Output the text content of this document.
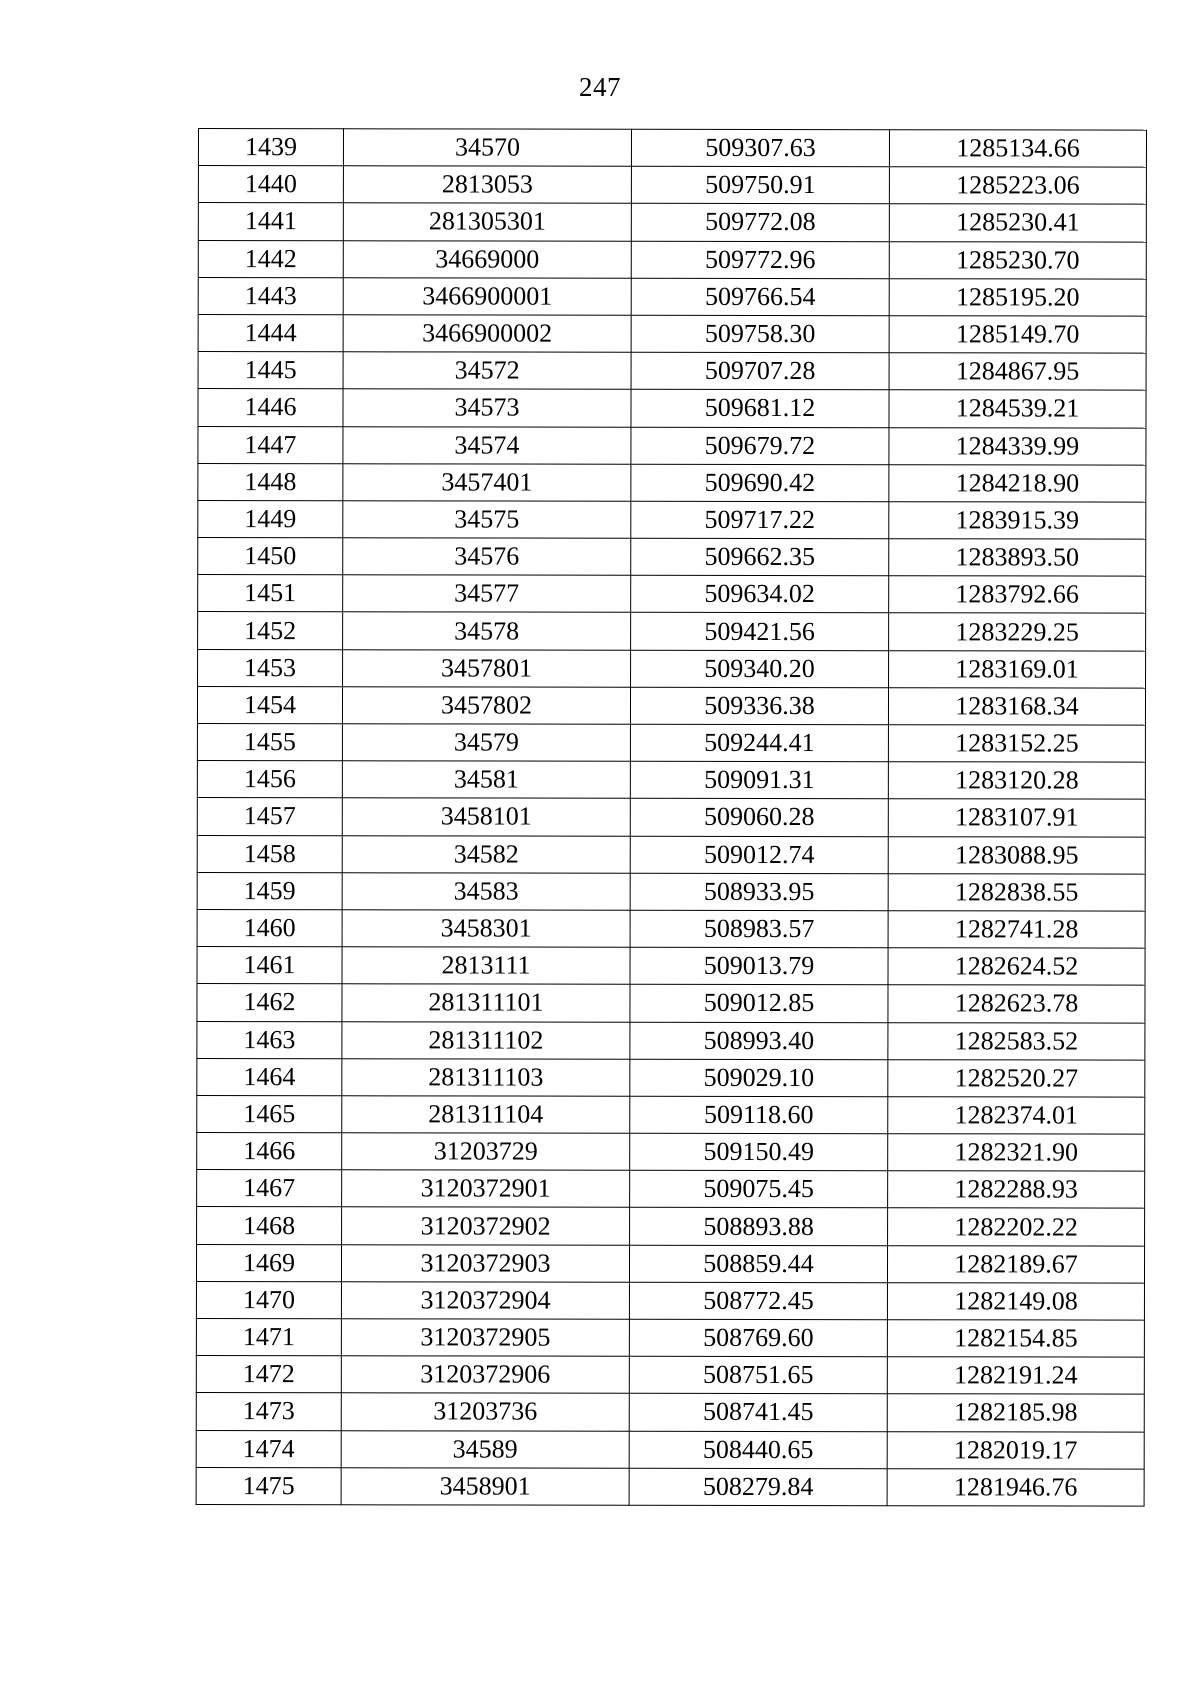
247
1439	34570	509307.63	1285134.66
1440	2813053	509750.91	1285223.06
1441	281305301	509772.08	1285230.41
1442	34669000	509772.96	1285230.70
1443	3466900001	509766.54	1285195.20
1444	3466900002	509758.30	1285149.70
1445	34572	509707.28	1284867.95
1446	34573	509681.12	1284539.21
1447	34574	509679.72	1284339.99
1448	3457401	509690.42	1284218.90
1449	34575	509717.22	1283915.39
1450	34576	509662.35	1283893.50
1451	34577	509634.02	1283792.66
1452	34578	509421.56	1283229.25
1453	3457801	509340.20	1283169.01
1454	3457802	509336.38	1283168.34
1455	34579	509244.41	1283152.25
1456	34581	509091.31	1283120.28
1457	3458101	509060.28	1283107.91
1458	34582	509012.74	1283088.95
1459	34583	508933.95	1282838.55
1460	3458301	508983.57	1282741.28
1461	2813111	509013.79	1282624.52
1462	281311101	509012.85	1282623.78
1463	281311102	508993.40	1282583.52
1464	281311103	509029.10	1282520.27
1465	281311104	509118.60	1282374.01
1466	31203729	509150.49	1282321.90
1467	3120372901	509075.45	1282288.93
1468	3120372902	508893.88	1282202.22
1469	3120372903	508859.44	1282189.67
1470	3120372904	508772.45	1282149.08
1471	3120372905	508769.60	1282154.85
1472	3120372906	508751.65	1282191.24
1473	31203736	508741.45	1282185.98
1474	34589	508440.65	1282019.17
1475	3458901	508279.84	1281946.76
